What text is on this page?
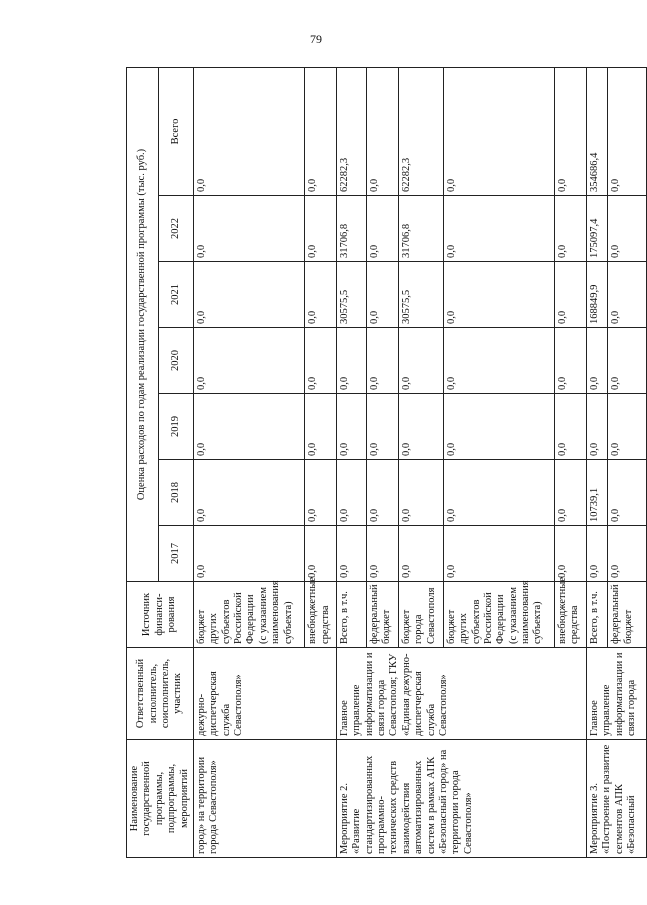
79
Наименование государственной программы, подпрограммы, мероприятий	Ответственный исполнитель, соисполнитель, участник	Источник финанси-рования	Оценка расходов по годам реализации государственной программы (тыс. руб.)						
			2017	2018	2019	2020	2021	2022	Всего
город» на территории города Севастополя»	дежурно-диспетчерская служба Севастополя»	бюджет других субъектов Российской Федерации (с указанием наименования субъекта)	0,0	0,0	0,0	0,0	0,0	0,0	0,0
		внебюджетные средства	0,0	0,0	0,0	0,0	0,0	0,0	0,0
Мероприятие 2. «Развитие стандартизированных программно-технических средств взаимодействия автоматизированных систем в рамках АПК «Безопасный город» на территории города Севастополя»	Главное управление информатизации и связи города Севастополя; ГКУ «Единая дежурно-диспетчерская служба Севастополя»	Всего, в т.ч.	0,0	0,0	0,0	0,0	30575,5	31706,8	62282,3
		федеральный бюджет	0,0	0,0	0,0	0,0	0,0	0,0	0,0
		бюджет города Севастополя	0,0	0,0	0,0	0,0	30575,5	31706,8	62282,3
		бюджет других субъектов Российской Федерации (с указанием наименования субъекта)	0,0	0,0	0,0	0,0	0,0	0,0	0,0
		внебюджетные средства	0,0	0,0	0,0	0,0	0,0	0,0	0,0
Мероприятие 3. «Построение и развитие сегментов АПК «Безопасный	Главное управление информатизации и связи города	Всего, в т.ч.	0,0	10739,1	0,0	0,0	168849,9	175097,4	354686,4
		федеральный бюджет	0,0	0,0	0,0	0,0	0,0	0,0	0,0
